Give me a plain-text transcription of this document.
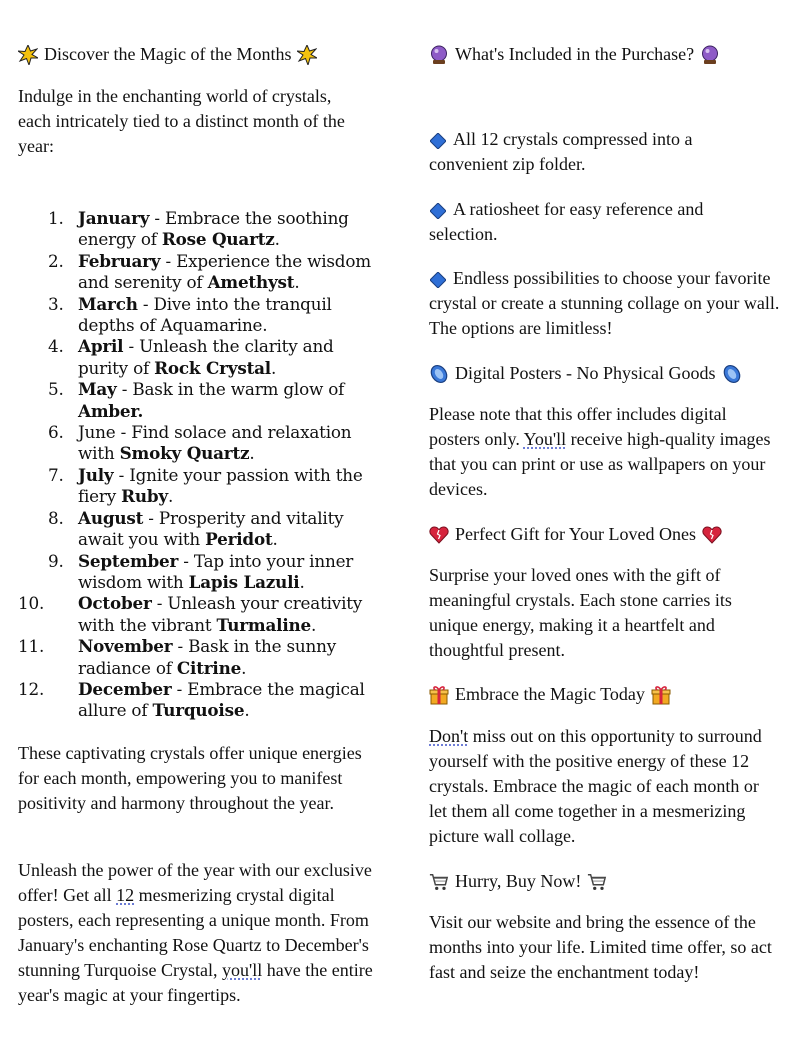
Discover the Magic of the Months

Indulge in the enchanting world of crystals, each intricately tied to a distinct month of the year:

1. January - Embrace the soothing energy of Rose Quartz.
2. February - Experience the wisdom and serenity of Amethyst.
3. March - Dive into the tranquil depths of Aquamarine.
4. April - Unleash the clarity and purity of Rock Crystal.
5. May - Bask in the warm glow of Amber.
6. June - Find solace and relaxation with Smoky Quartz.
7. July - Ignite your passion with the fiery Ruby.
8. August - Prosperity and vitality await you with Peridot.
9. September - Tap into your inner wisdom with Lapis Lazuli.
10. October - Unleash your creativity with the vibrant Turmaline.
11. November - Bask in the sunny radiance of Citrine.
12. December - Embrace the magical allure of Turquoise.

These captivating crystals offer unique energies for each month, empowering you to manifest positivity and harmony throughout the year.

Unleash the power of the year with our exclusive offer! Get all 12 mesmerizing crystal digital posters, each representing a unique month. From January's enchanting Rose Quartz to December's stunning Turquoise Crystal, you'll have the entire year's magic at your fingertips.

What's Included in the Purchase?

All 12 crystals compressed into a convenient zip folder.

A ratiosheet for easy reference and selection.

Endless possibilities to choose your favorite crystal or create a stunning collage on your wall. The options are limitless!

Digital Posters - No Physical Goods

Please note that this offer includes digital posters only. You'll receive high-quality images that you can print or use as wallpapers on your devices.

Perfect Gift for Your Loved Ones

Surprise your loved ones with the gift of meaningful crystals. Each stone carries its unique energy, making it a heartfelt and thoughtful present.

Embrace the Magic Today

Don't miss out on this opportunity to surround yourself with the positive energy of these 12 crystals. Embrace the magic of each month or let them all come together in a mesmerizing picture wall collage.

Hurry, Buy Now!

Visit our website and bring the essence of the months into your life. Limited time offer, so act fast and seize the enchantment today!
